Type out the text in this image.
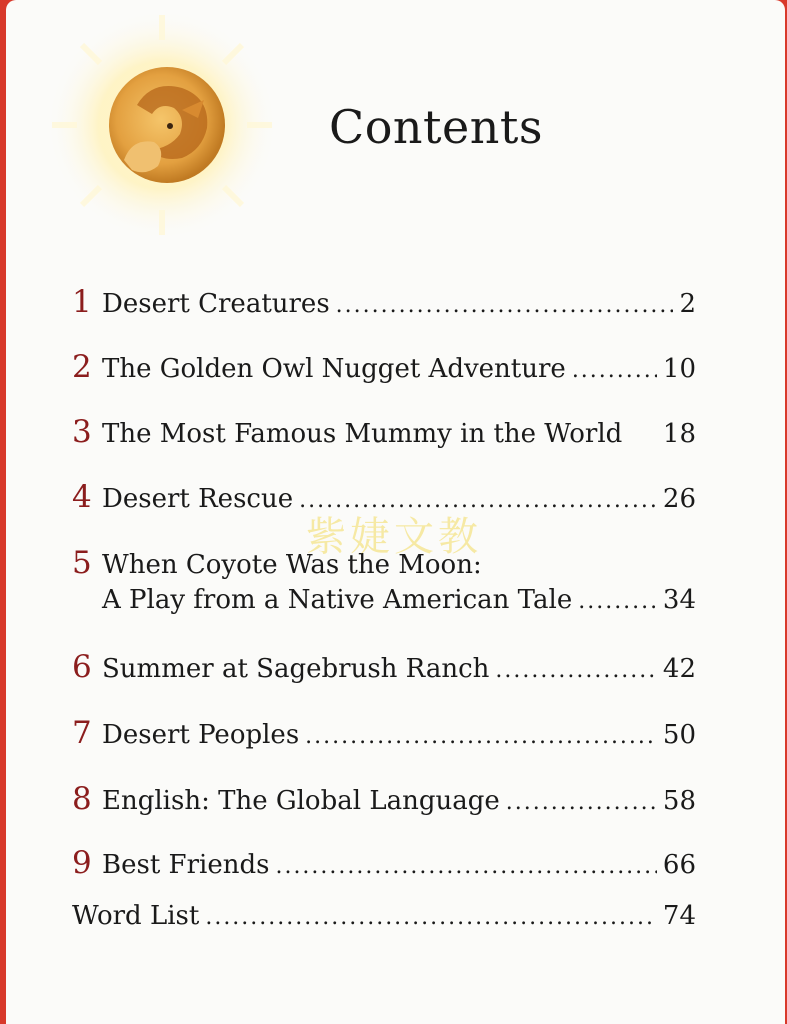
Contents
1 Desert Creatures .....	2
2 The Golden Owl Nugget Adventure .....	10
3 The Most Famous Mummy in the World 18
4 Desert Rescue .....	26
5 When Coyote Was the Moon:
A Play from a Native American Tale .....	34
6 Summer at Sagebrush Ranch .....	42
7 Desert Peoples .....	50
8 English: The Global Language .....	58
9 Best Friends .....	66
Word List .....	74
紫婕文教
